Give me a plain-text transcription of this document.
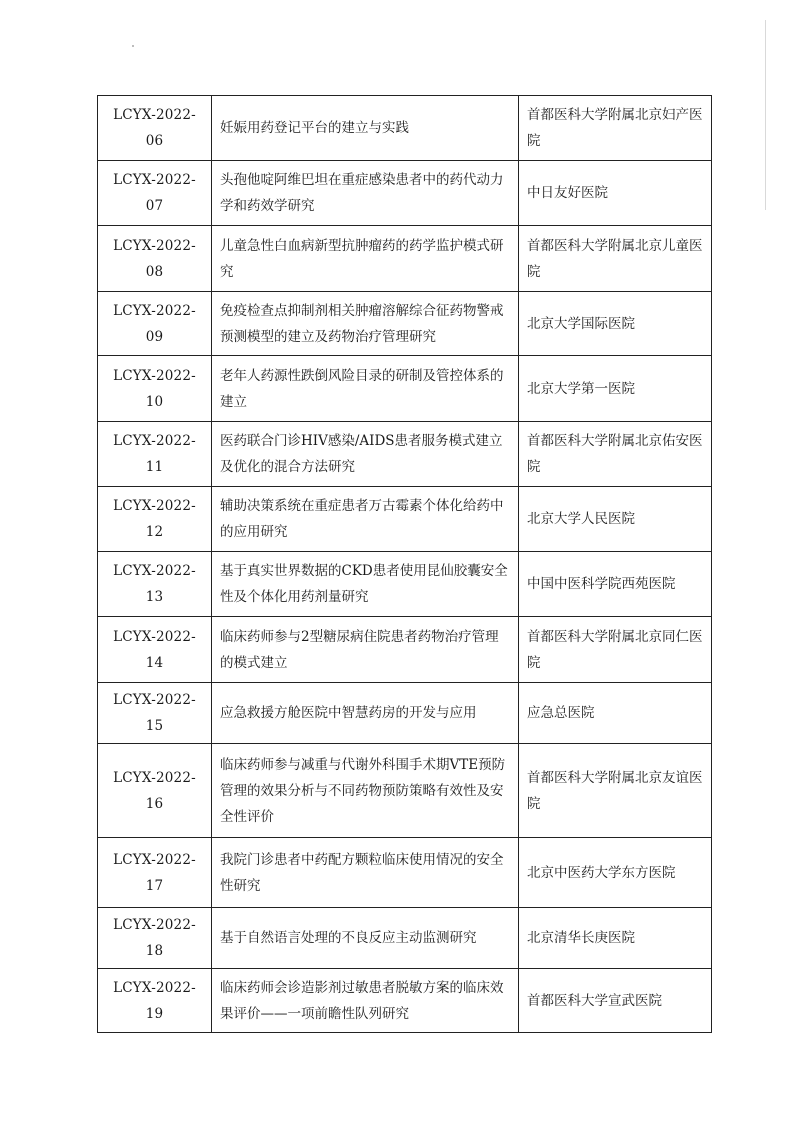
LCYX-2022-06	妊娠用药登记平台的建立与实践	首都医科大学附属北京妇产医院
LCYX-2022-07	头孢他啶阿维巴坦在重症感染患者中的药代动力学和药效学研究	中日友好医院
LCYX-2022-08	儿童急性白血病新型抗肿瘤药的药学监护模式研究	首都医科大学附属北京儿童医院
LCYX-2022-09	免疫检查点抑制剂相关肿瘤溶解综合征药物警戒预测模型的建立及药物治疗管理研究	北京大学国际医院
LCYX-2022-10	老年人药源性跌倒风险目录的研制及管控体系的建立	北京大学第一医院
LCYX-2022-11	医药联合门诊HIV感染/AIDS患者服务模式建立及优化的混合方法研究	首都医科大学附属北京佑安医院
LCYX-2022-12	辅助决策系统在重症患者万古霉素个体化给药中的应用研究	北京大学人民医院
LCYX-2022-13	基于真实世界数据的CKD患者使用昆仙胶囊安全性及个体化用药剂量研究	中国中医科学院西苑医院
LCYX-2022-14	临床药师参与2型糖尿病住院患者药物治疗管理的模式建立	首都医科大学附属北京同仁医院
LCYX-2022-15	应急救援方舱医院中智慧药房的开发与应用	应急总医院
LCYX-2022-16	临床药师参与减重与代谢外科围手术期VTE预防管理的效果分析与不同药物预防策略有效性及安全性评价	首都医科大学附属北京友谊医院
LCYX-2022-17	我院门诊患者中药配方颗粒临床使用情况的安全性研究	北京中医药大学东方医院
LCYX-2022-18	基于自然语言处理的不良反应主动监测研究	北京清华长庚医院
LCYX-2022-19	临床药师会诊造影剂过敏患者脱敏方案的临床效果评价——一项前瞻性队列研究	首都医科大学宣武医院
